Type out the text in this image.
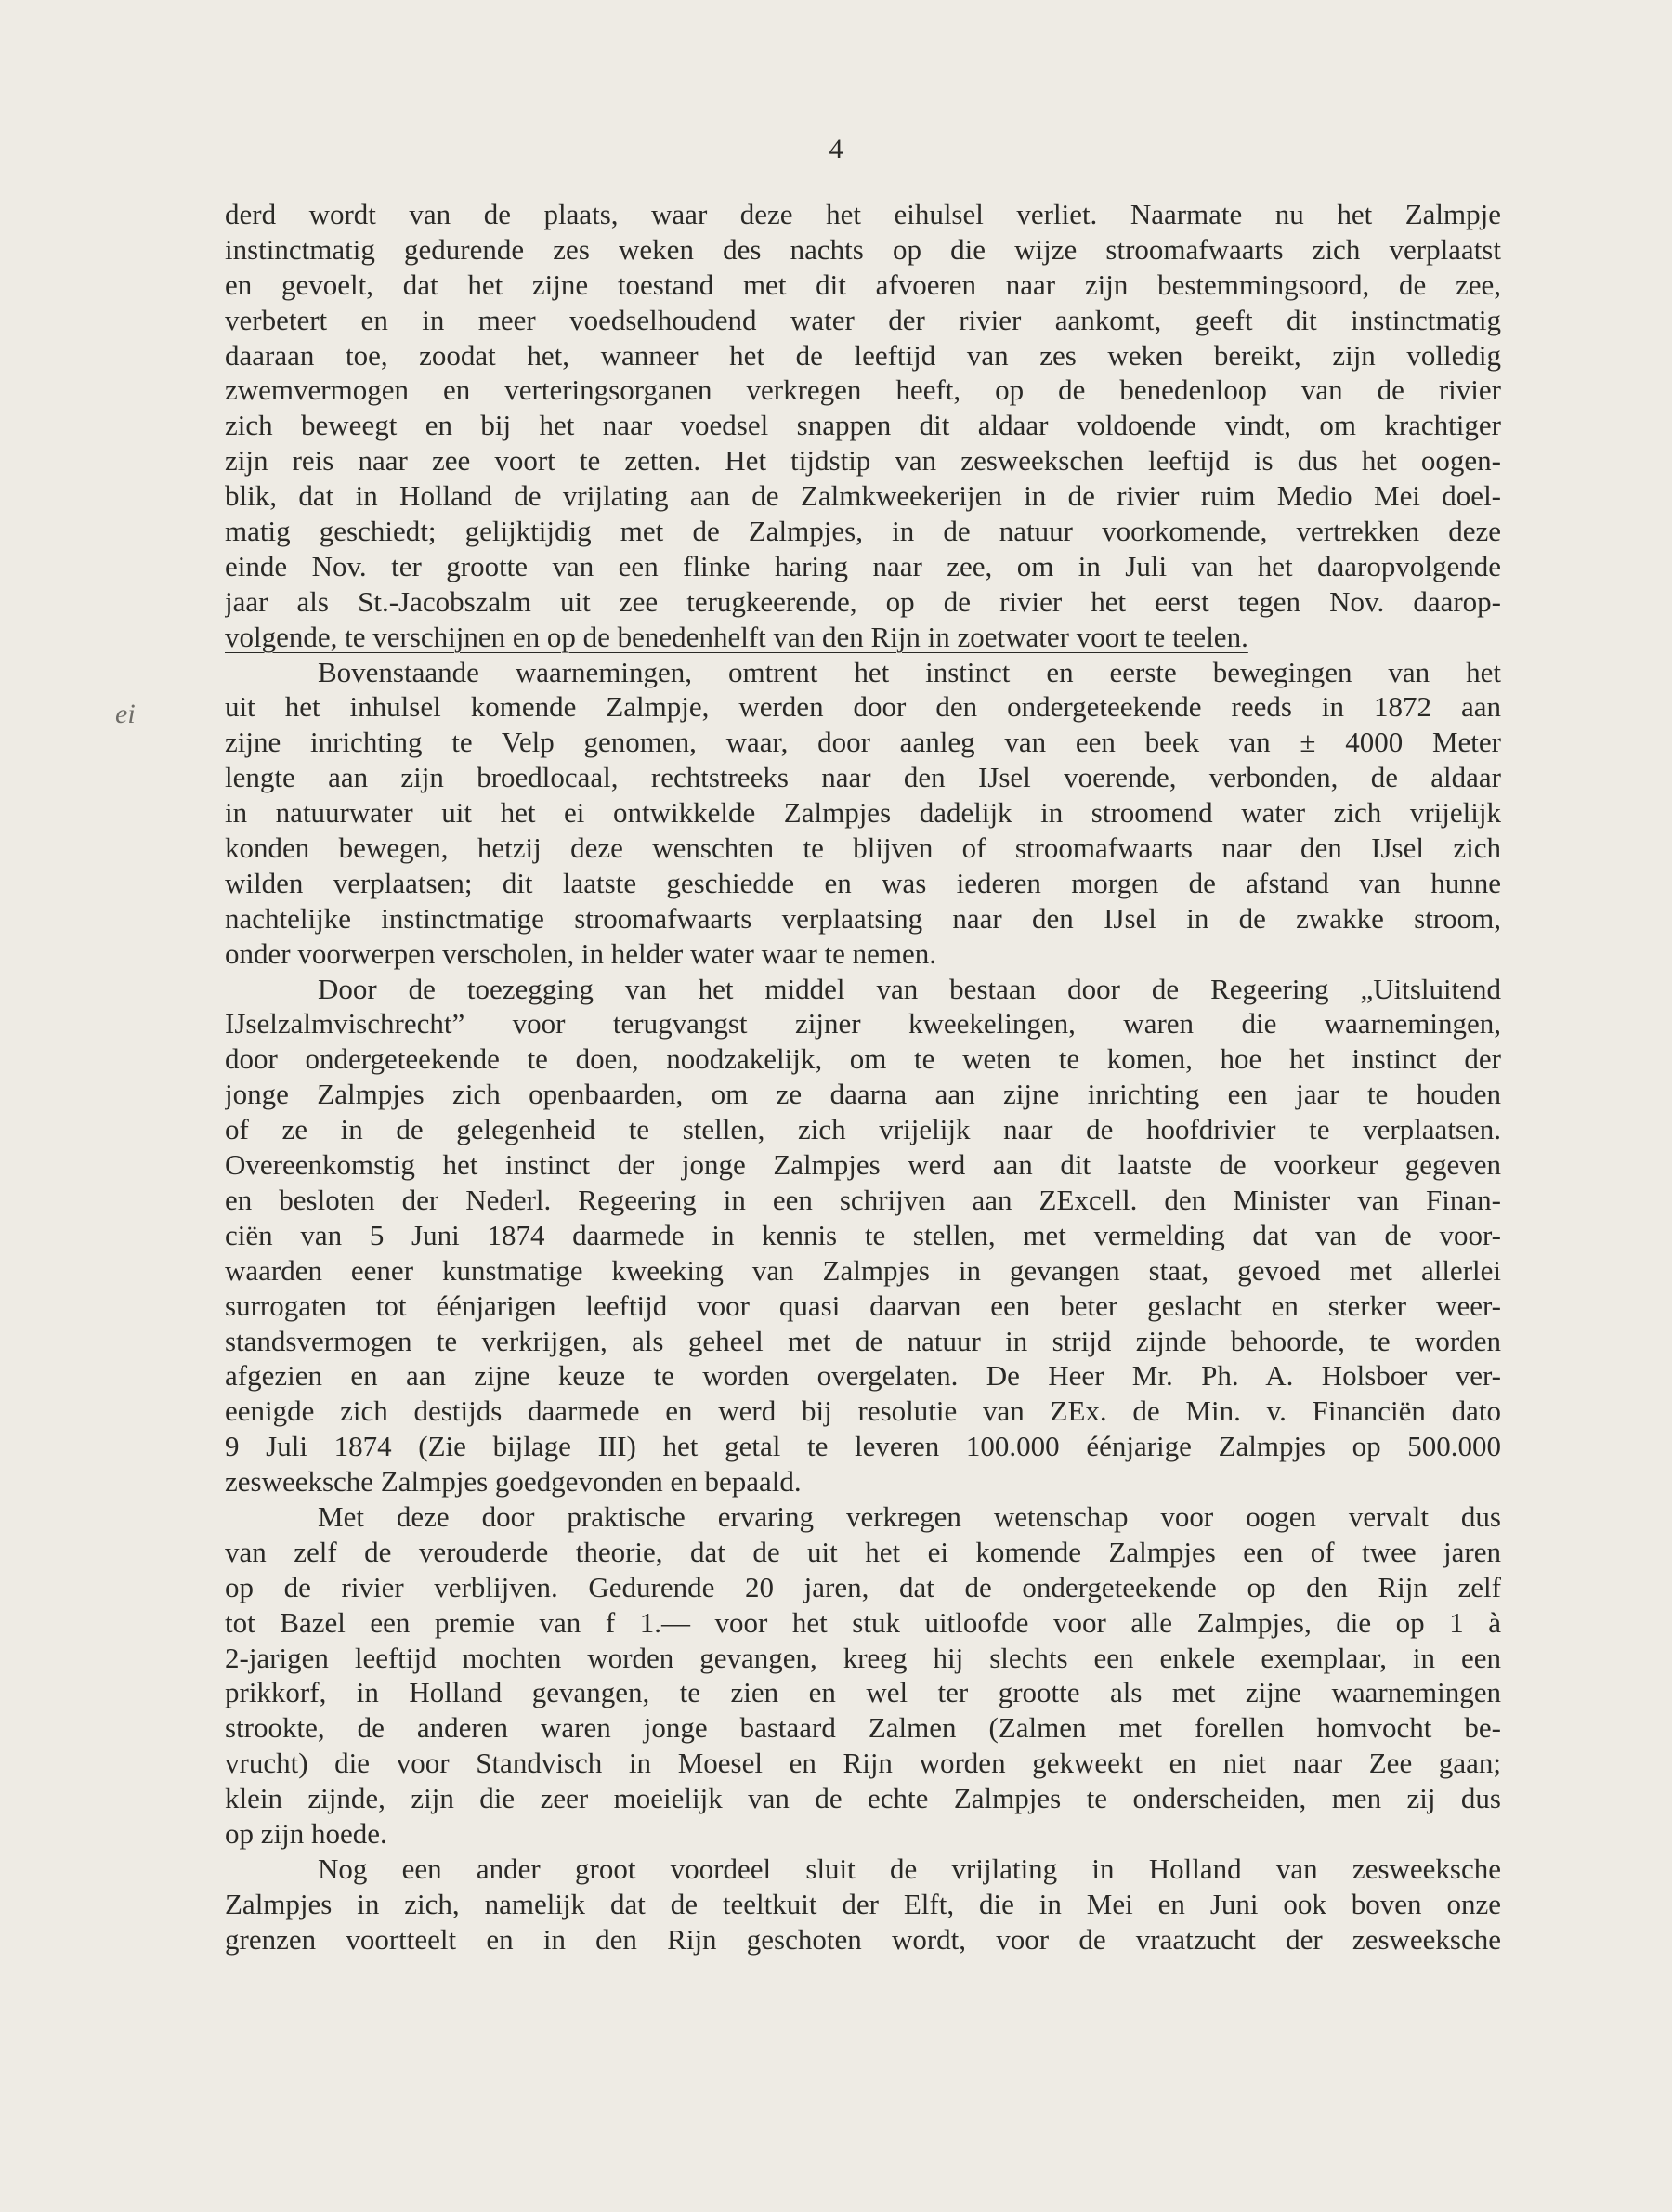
4
ei
derd wordt van de plaats, waar deze het eihulsel verliet. Naarmate nu het Zalmpje
instinctmatig gedurende zes weken des nachts op die wijze stroomafwaarts zich verplaatst
en gevoelt, dat het zijne toestand met dit afvoeren naar zijn bestemmingsoord, de zee,
verbetert en in meer voedselhoudend water der rivier aankomt, geeft dit instinctmatig
daaraan toe, zoodat het, wanneer het de leeftijd van zes weken bereikt, zijn volledig
zwemvermogen en verteringsorganen verkregen heeft, op de benedenloop van de rivier
zich beweegt en bij het naar voedsel snappen dit aldaar voldoende vindt, om krachtiger
zijn reis naar zee voort te zetten. Het tijdstip van zesweekschen leeftijd is dus het oogen-
blik, dat in Holland de vrijlating aan de Zalmkweekerijen in de rivier ruim Medio Mei doel-
matig geschiedt; gelijktijdig met de Zalmpjes, in de natuur voorkomende, vertrekken deze
einde Nov. ter grootte van een flinke haring naar zee, om in Juli van het daaropvolgende
jaar als St.-Jacobszalm uit zee terugkeerende, op de rivier het eerst tegen Nov. daarop-
volgende, te verschijnen en op de benedenhelft van den Rijn in zoetwater voort te teelen.
Bovenstaande waarnemingen, omtrent het instinct en eerste bewegingen van het
uit het inhulsel komende Zalmpje, werden door den ondergeteekende reeds in 1872 aan
zijne inrichting te Velp genomen, waar, door aanleg van een beek van ± 4000 Meter
lengte aan zijn broedlocaal, rechtstreeks naar den IJsel voerende, verbonden, de aldaar
in natuurwater uit het ei ontwikkelde Zalmpjes dadelijk in stroomend water zich vrijelijk
konden bewegen, hetzij deze wenschten te blijven of stroomafwaarts naar den IJsel zich
wilden verplaatsen; dit laatste geschiedde en was iederen morgen de afstand van hunne
nachtelijke instinctmatige stroomafwaarts verplaatsing naar den IJsel in de zwakke stroom,
onder voorwerpen verscholen, in helder water waar te nemen.
Door de toezegging van het middel van bestaan door de Regeering „Uitsluitend
IJselzalmvischrecht” voor terugvangst zijner kweekelingen, waren die waarnemingen,
door ondergeteekende te doen, noodzakelijk, om te weten te komen, hoe het instinct der
jonge Zalmpjes zich openbaarden, om ze daarna aan zijne inrichting een jaar te houden
of ze in de gelegenheid te stellen, zich vrijelijk naar de hoofdrivier te verplaatsen.
Overeenkomstig het instinct der jonge Zalmpjes werd aan dit laatste de voorkeur gegeven
en besloten der Nederl. Regeering in een schrijven aan ZExcell. den Minister van Finan-
ciën van 5 Juni 1874 daarmede in kennis te stellen, met vermelding dat van de voor-
waarden eener kunstmatige kweeking van Zalmpjes in gevangen staat, gevoed met allerlei
surrogaten tot éénjarigen leeftijd voor quasi daarvan een beter geslacht en sterker weer-
standsvermogen te verkrijgen, als geheel met de natuur in strijd zijnde behoorde, te worden
afgezien en aan zijne keuze te worden overgelaten. De Heer Mr. Ph. A. Holsboer ver-
eenigde zich destijds daarmede en werd bij resolutie van ZEx. de Min. v. Financiën dato
9 Juli 1874 (Zie bijlage III) het getal te leveren 100.000 éénjarige Zalmpjes op 500.000
zesweeksche Zalmpjes goedgevonden en bepaald.
Met deze door praktische ervaring verkregen wetenschap voor oogen vervalt dus
van zelf de verouderde theorie, dat de uit het ei komende Zalmpjes een of twee jaren
op de rivier verblijven. Gedurende 20 jaren, dat de ondergeteekende op den Rijn zelf
tot Bazel een premie van f 1.— voor het stuk uitloofde voor alle Zalmpjes, die op 1 à
2-jarigen leeftijd mochten worden gevangen, kreeg hij slechts een enkele exemplaar, in een
prikkorf, in Holland gevangen, te zien en wel ter grootte als met zijne waarnemingen
strookte, de anderen waren jonge bastaard Zalmen (Zalmen met forellen homvocht be-
vrucht) die voor Standvisch in Moesel en Rijn worden gekweekt en niet naar Zee gaan;
klein zijnde, zijn die zeer moeielijk van de echte Zalmpjes te onderscheiden, men zij dus
op zijn hoede.
Nog een ander groot voordeel sluit de vrijlating in Holland van zesweeksche
Zalmpjes in zich, namelijk dat de teeltkuit der Elft, die in Mei en Juni ook boven onze
grenzen voortteelt en in den Rijn geschoten wordt, voor de vraatzucht der zesweeksche
